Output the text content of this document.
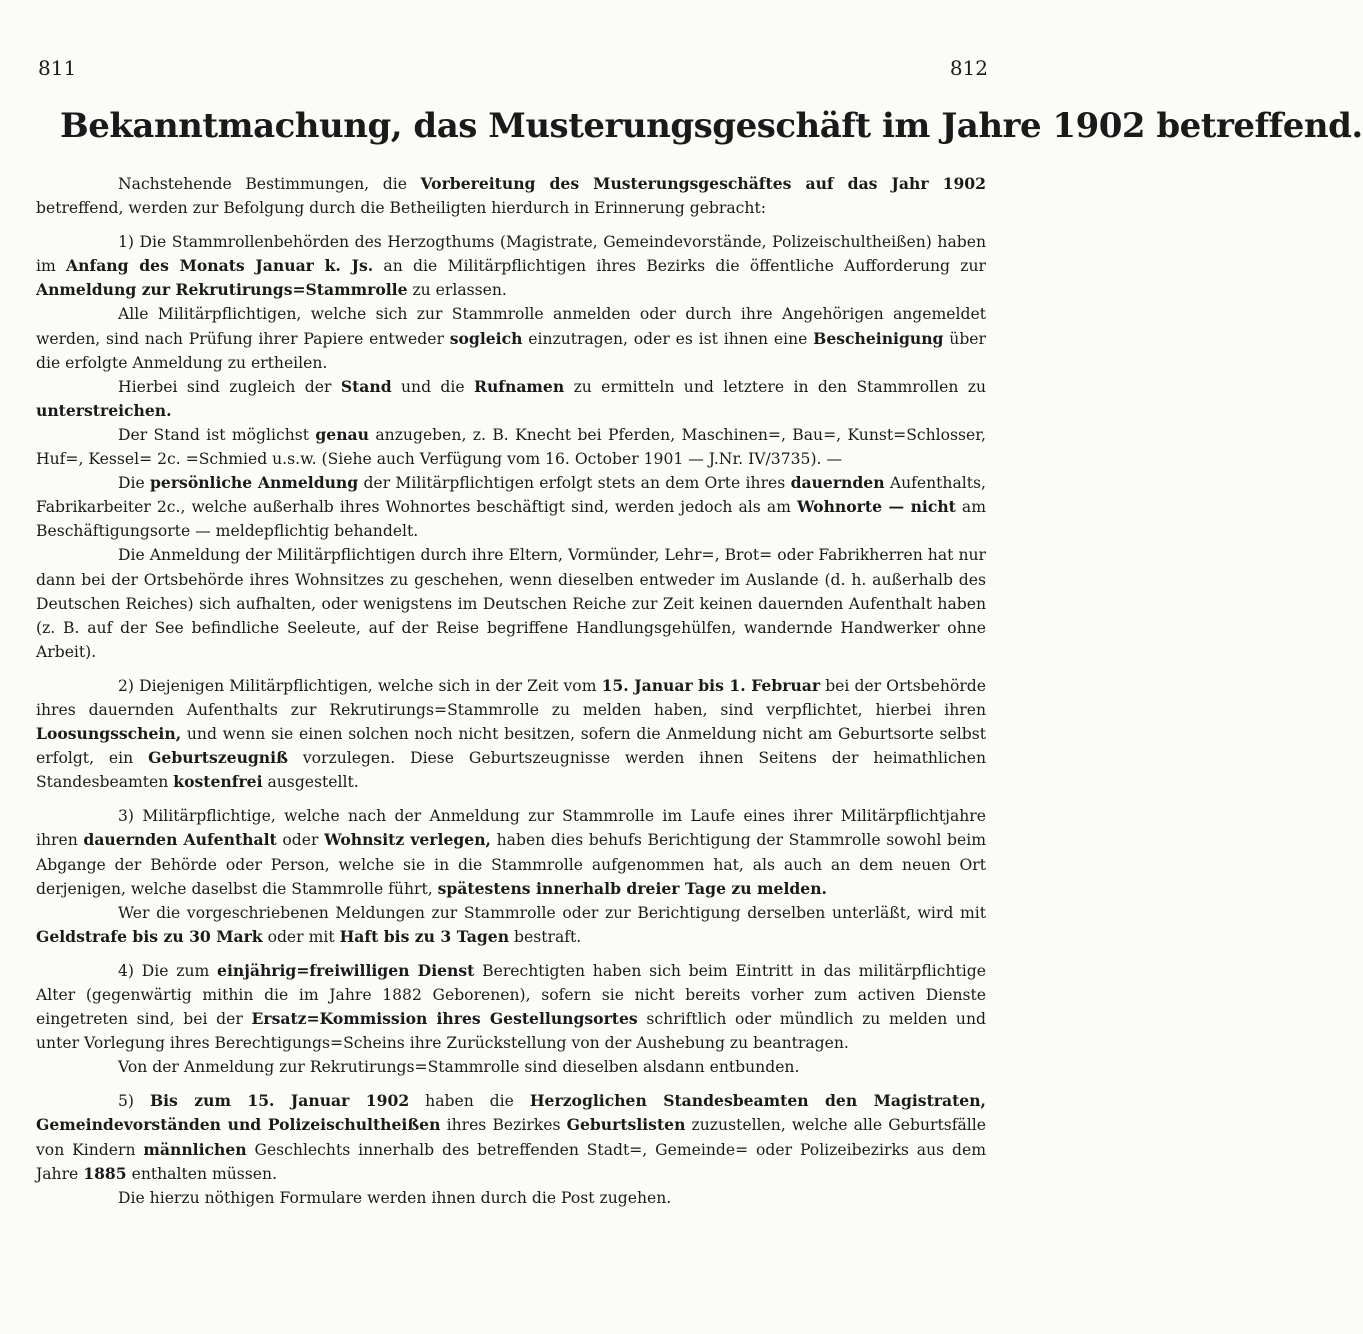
811	812
Bekanntmachung, das Musterungsgeschäft im Jahre 1902 betreffend.

Nachstehende Bestimmungen, die Vorbereitung des Musterungsgeschäftes auf das Jahr 1902 betreffend, werden zur Befolgung durch die Betheiligten hierdurch in Erinnerung gebracht:

1) Die Stammrollenbehörden des Herzogthums (Magistrate, Gemeindevorstände, Polizeischultheißen) haben im Anfang des Monats Januar k. Js. an die Militärpflichtigen ihres Bezirks die öffentliche Aufforderung zur Anmeldung zur Rekrutirungs=Stammrolle zu erlassen.

Alle Militärpflichtigen, welche sich zur Stammrolle anmelden oder durch ihre Angehörigen angemeldet werden, sind nach Prüfung ihrer Papiere entweder sogleich einzutragen, oder es ist ihnen eine Bescheinigung über die erfolgte Anmeldung zu ertheilen.

Hierbei sind zugleich der Stand und die Rufnamen zu ermitteln und letztere in den Stammrollen zu unterstreichen.

Der Stand ist möglichst genau anzugeben, z. B. Knecht bei Pferden, Maschinen=, Bau=, Kunst=Schlosser, Huf=, Kessel= 2c. =Schmied u.s.w. (Siehe auch Verfügung vom 16. October 1901 — J.Nr. IV/3735). —

Die persönliche Anmeldung der Militärpflichtigen erfolgt stets an dem Orte ihres dauernden Aufenthalts, Fabrikarbeiter 2c., welche außerhalb ihres Wohnortes beschäftigt sind, werden jedoch als am Wohnorte — nicht am Beschäftigungsorte — meldepflichtig behandelt.

Die Anmeldung der Militärpflichtigen durch ihre Eltern, Vormünder, Lehr=, Brot= oder Fabrikherren hat nur dann bei der Ortsbehörde ihres Wohnsitzes zu geschehen, wenn dieselben entweder im Auslande (d. h. außerhalb des Deutschen Reiches) sich aufhalten, oder wenigstens im Deutschen Reiche zur Zeit keinen dauernden Aufenthalt haben (z. B. auf der See befindliche Seeleute, auf der Reise begriffene Handlungsgehülfen, wandernde Handwerker ohne Arbeit).

2) Diejenigen Militärpflichtigen, welche sich in der Zeit vom 15. Januar bis 1. Februar bei der Ortsbehörde ihres dauernden Aufenthalts zur Rekrutirungs=Stammrolle zu melden haben, sind verpflichtet, hierbei ihren Loosungsschein, und wenn sie einen solchen noch nicht besitzen, sofern die Anmeldung nicht am Geburtsorte selbst erfolgt, ein Geburtszeugniß vorzulegen. Diese Geburtszeugnisse werden ihnen Seitens der heimathlichen Standesbeamten kostenfrei ausgestellt.

3) Militärpflichtige, welche nach der Anmeldung zur Stammrolle im Laufe eines ihrer Militärpflichtjahre ihren dauernden Aufenthalt oder Wohnsitz verlegen, haben dies behufs Berichtigung der Stammrolle sowohl beim Abgange der Behörde oder Person, welche sie in die Stammrolle aufgenommen hat, als auch an dem neuen Ort derjenigen, welche daselbst die Stammrolle führt, spätestens innerhalb dreier Tage zu melden.

Wer die vorgeschriebenen Meldungen zur Stammrolle oder zur Berichtigung derselben unterläßt, wird mit Geldstrafe bis zu 30 Mark oder mit Haft bis zu 3 Tagen bestraft.

4) Die zum einjährig=freiwilligen Dienst Berechtigten haben sich beim Eintritt in das militärpflichtige Alter (gegenwärtig mithin die im Jahre 1882 Geborenen), sofern sie nicht bereits vorher zum activen Dienste eingetreten sind, bei der Ersatz=Kommission ihres Gestellungsortes schriftlich oder mündlich zu melden und unter Vorlegung ihres Berechtigungs=Scheins ihre Zurückstellung von der Aushebung zu beantragen.

Von der Anmeldung zur Rekrutirungs=Stammrolle sind dieselben alsdann entbunden.

5) Bis zum 15. Januar 1902 haben die Herzoglichen Standesbeamten den Magistraten, Gemeindevorständen und Polizeischultheißen ihres Bezirkes Geburtslisten zuzustellen, welche alle Geburtsfälle von Kindern männlichen Geschlechts innerhalb des betreffenden Stadt=, Gemeinde= oder Polizeibezirks aus dem Jahre 1885 enthalten müssen.

Die hierzu nöthigen Formulare werden ihnen durch die Post zugehen.
